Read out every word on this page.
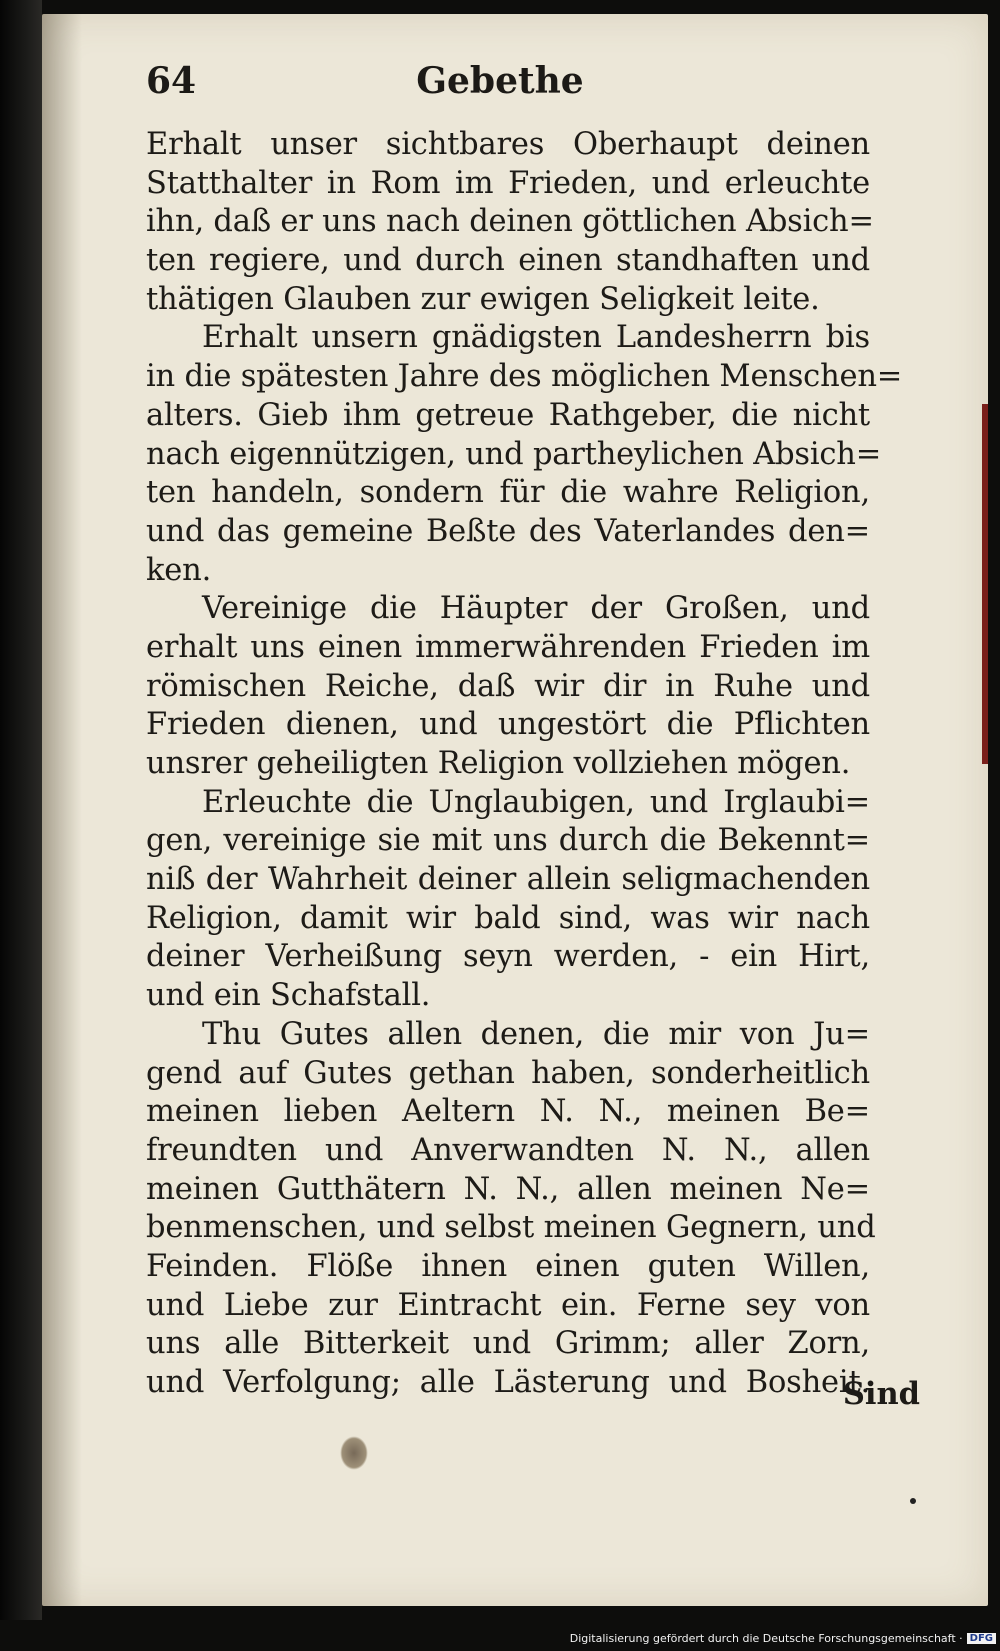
64	Gebethe
Erhalt unser sichtbares Oberhaupt deinen
Statthalter in Rom im Frieden, und erleuchte
ihn, daß er uns nach deinen göttlichen Absich=
ten regiere, und durch einen standhaften und
thätigen Glauben zur ewigen Seligkeit leite.
Erhalt unsern gnädigsten Landesherrn bis
in die spätesten Jahre des möglichen Menschen=
alters. Gieb ihm getreue Rathgeber, die nicht
nach eigennützigen, und partheylichen Absich=
ten handeln, sondern für die wahre Religion,
und das gemeine Beßte des Vaterlandes den=
ken.
Vereinige die Häupter der Großen, und
erhalt uns einen immerwährenden Frieden im
römischen Reiche, daß wir dir in Ruhe und
Frieden dienen, und ungestört die Pflichten
unsrer geheiligten Religion vollziehen mögen.
Erleuchte die Unglaubigen, und Irglaubi=
gen, vereinige sie mit uns durch die Bekennt=
niß der Wahrheit deiner allein seligmachenden
Religion, damit wir bald sind, was wir nach
deiner Verheißung seyn werden, - ein Hirt,
und ein Schafstall.
Thu Gutes allen denen, die mir von Ju=
gend auf Gutes gethan haben, sonderheitlich
meinen lieben Aeltern N. N., meinen Be=
freundten und Anverwandten N. N., allen
meinen Gutthätern N. N., allen meinen Ne=
benmenschen, und selbst meinen Gegnern, und
Feinden. Flöße ihnen einen guten Willen,
und Liebe zur Eintracht ein. Ferne sey von
uns alle Bitterkeit und Grimm; aller Zorn,
und Verfolgung; alle Lästerung und Bosheit.
Sind
Digitalisierung gefördert durch die Deutsche Forschungsgemeinschaft · DFG
